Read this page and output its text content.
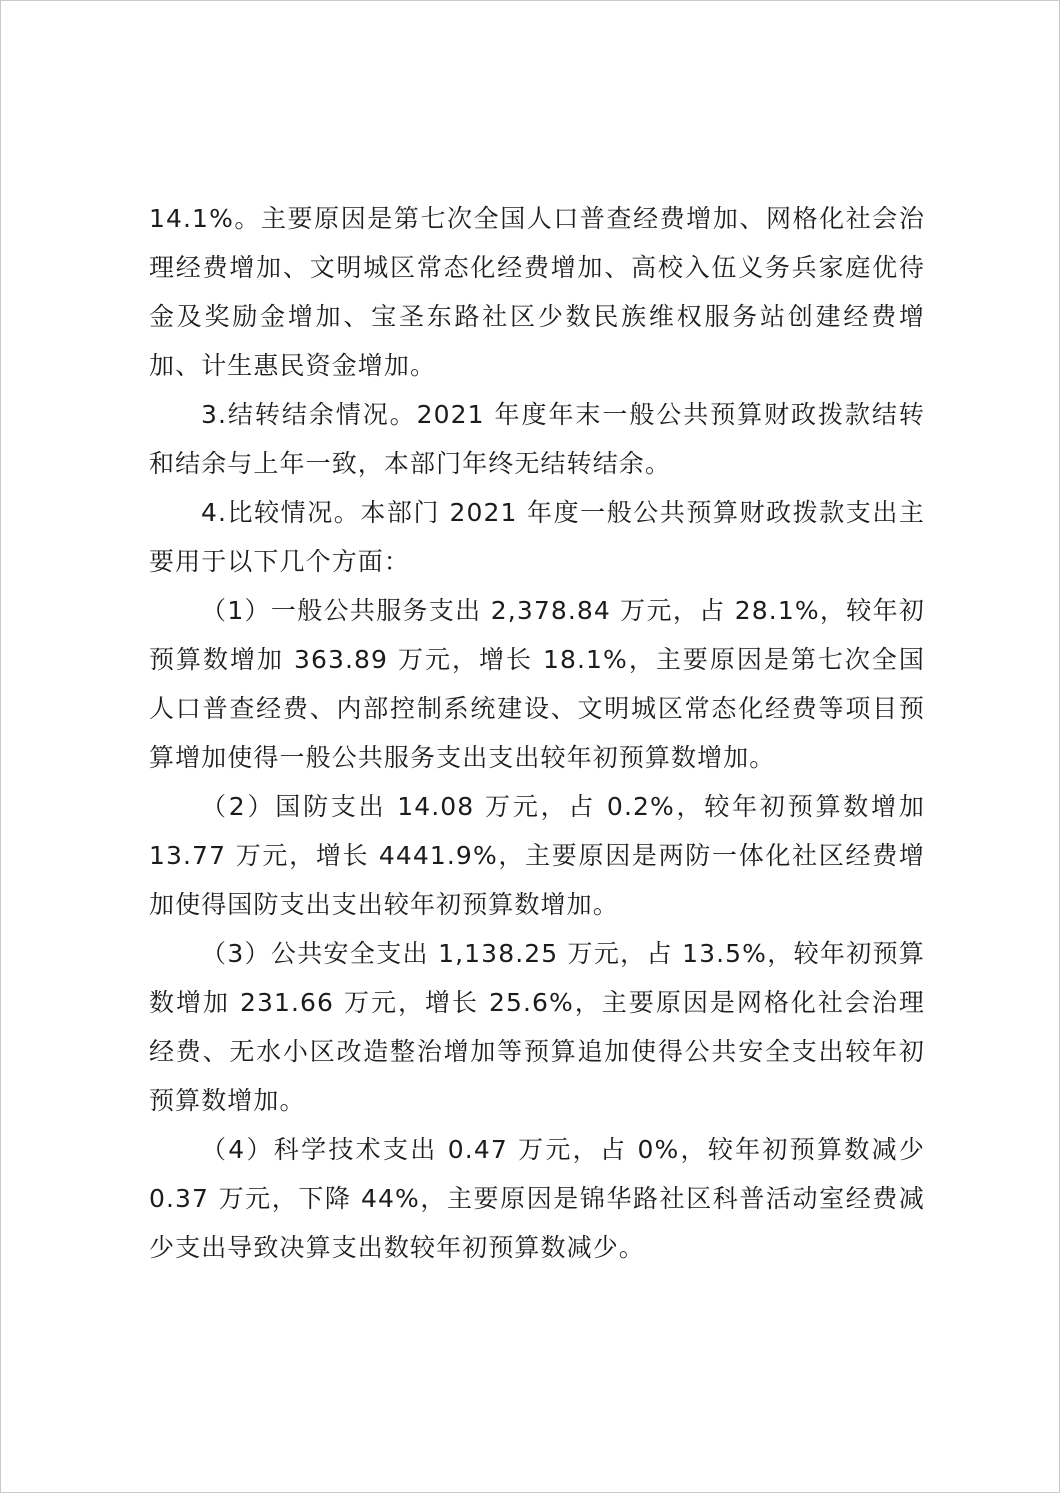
14.1%。主要原因是第七次全国人口普查经费增加、网格化社会治理经费增加、文明城区常态化经费增加、高校入伍义务兵家庭优待金及奖励金增加、宝圣东路社区少数民族维权服务站创建经费增加、计生惠民资金增加。

3.结转结余情况。2021 年度年末一般公共预算财政拨款结转和结余与上年一致，本部门年终无结转结余。

4.比较情况。本部门 2021 年度一般公共预算财政拨款支出主要用于以下几个方面：

（1）一般公共服务支出 2,378.84 万元，占 28.1%，较年初预算数增加 363.89 万元，增长 18.1%，主要原因是第七次全国人口普查经费、内部控制系统建设、文明城区常态化经费等项目预算增加使得一般公共服务支出支出较年初预算数增加。

（2）国防支出 14.08 万元，占 0.2%，较年初预算数增加 13.77 万元，增长 4441.9%，主要原因是两防一体化社区经费增加使得国防支出支出较年初预算数增加。

（3）公共安全支出 1,138.25 万元，占 13.5%，较年初预算数增加 231.66 万元，增长 25.6%，主要原因是网格化社会治理经费、无水小区改造整治增加等预算追加使得公共安全支出较年初预算数增加。

（4）科学技术支出 0.47 万元，占 0%，较年初预算数减少 0.37 万元，下降 44%，主要原因是锦华路社区科普活动室经费减少支出导致决算支出数较年初预算数减少。
